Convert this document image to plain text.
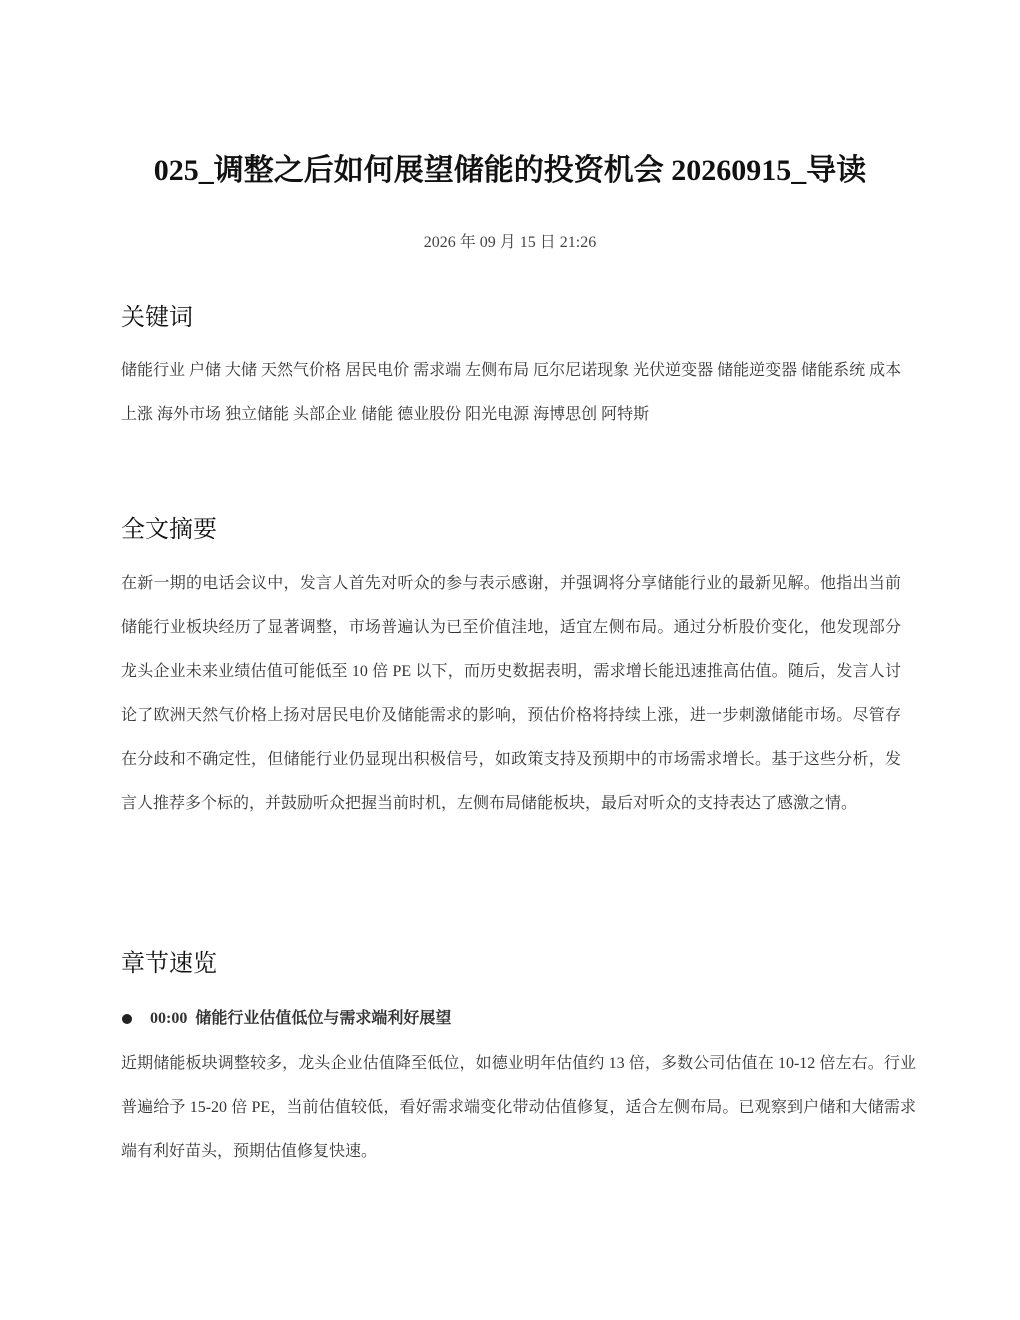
025_调整之后如何展望储能的投资机会 20260915_导读
2026 年 09 月 15 日 21:26
关键词
储能行业 户储 大储 天然气价格 居民电价 需求端 左侧布局 厄尔尼诺现象 光伏逆变器 储能逆变器 储能系统 成本上涨 海外市场 独立储能 头部企业 储能 德业股份 阳光电源 海博思创 阿特斯
全文摘要
在新一期的电话会议中，发言人首先对听众的参与表示感谢，并强调将分享储能行业的最新见解。他指出当前储能行业板块经历了显著调整，市场普遍认为已至价值洼地，适宜左侧布局。通过分析股价变化，他发现部分龙头企业未来业绩估值可能低至 10 倍 PE 以下，而历史数据表明，需求增长能迅速推高估值。随后，发言人讨论了欧洲天然气价格上扬对居民电价及储能需求的影响，预估价格将持续上涨，进一步刺激储能市场。尽管存在分歧和不确定性，但储能行业仍显现出积极信号，如政策支持及预期中的市场需求增长。基于这些分析，发言人推荐多个标的，并鼓励听众把握当前时机，左侧布局储能板块，最后对听众的支持表达了感激之情。
章节速览
00:00 储能行业估值低位与需求端利好展望
近期储能板块调整较多，龙头企业估值降至低位，如德业明年估值约 13 倍，多数公司估值在 10-12 倍左右。行业普遍给予 15-20 倍 PE，当前估值较低，看好需求端变化带动估值修复，适合左侧布局。已观察到户储和大储需求端有利好苗头，预期估值修复快速。
